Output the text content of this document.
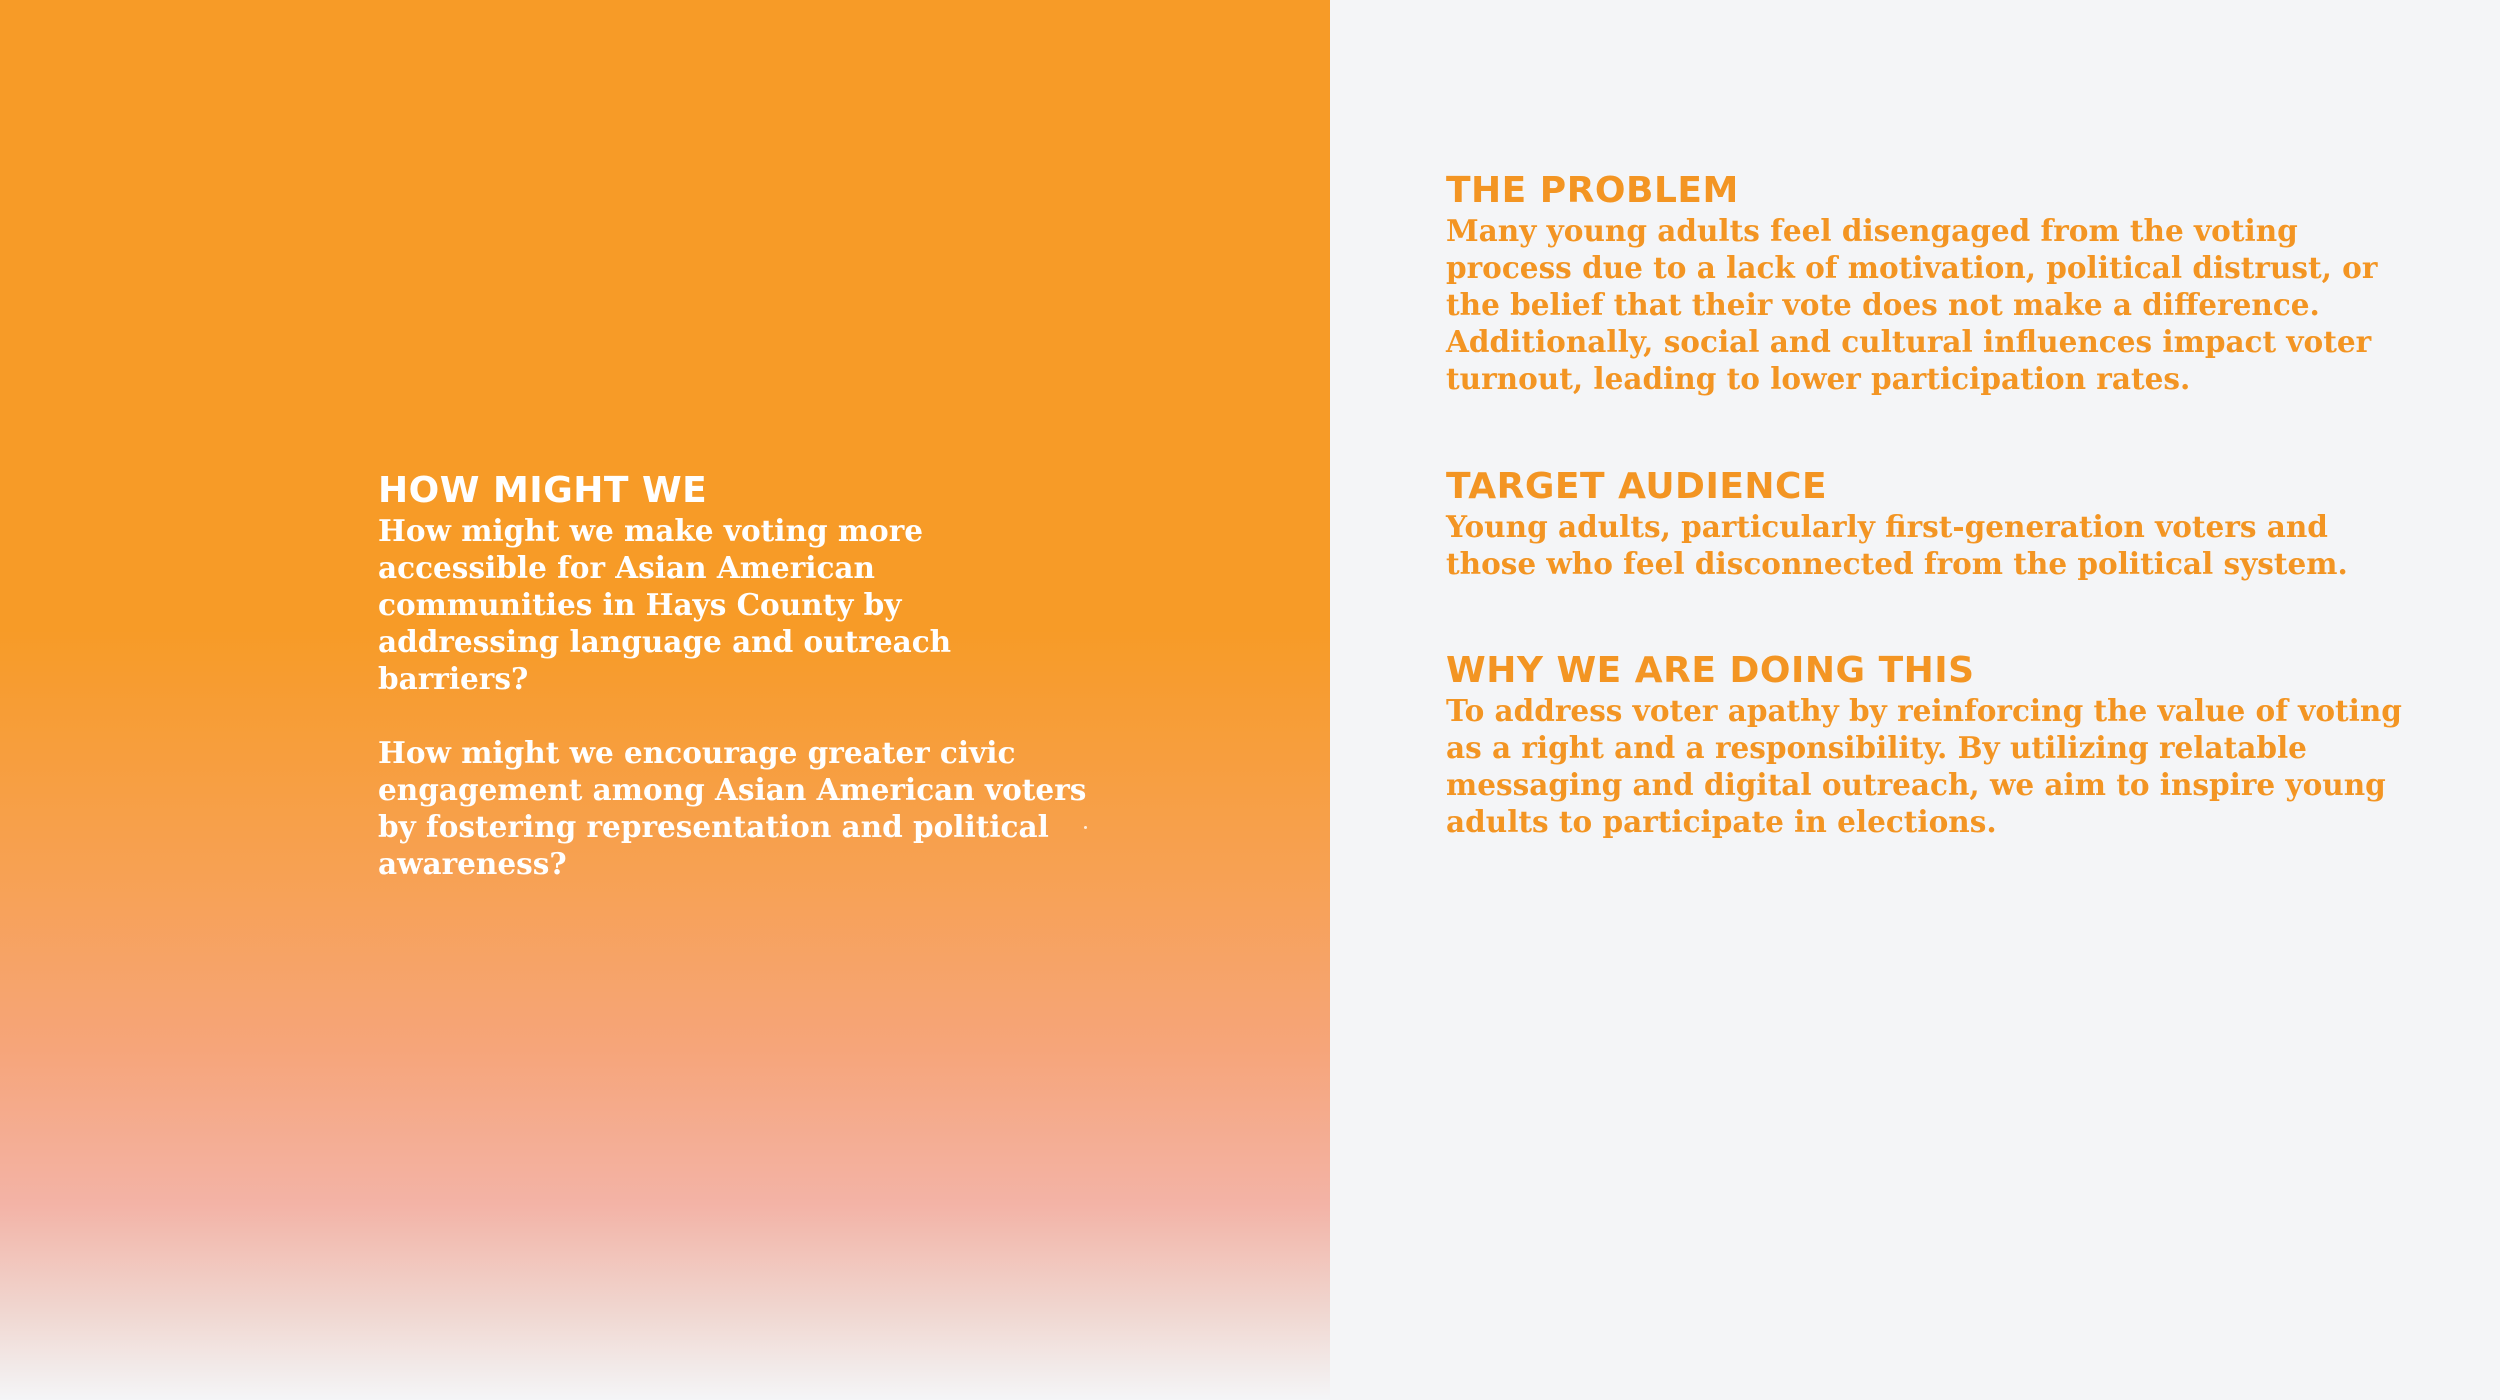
HOW MIGHT WE

How might we make voting more accessible for Asian American communities in Hays County by addressing language and outreach barriers?

How might we encourage greater civic engagement among Asian American voters by fostering representation and political awareness?

THE PROBLEM

Many young adults feel disengaged from the voting process due to a lack of motivation, political distrust, or the belief that their vote does not make a difference. Additionally, social and cultural influences impact voter turnout, leading to lower participation rates.

TARGET AUDIENCE

Young adults, particularly first-generation voters and those who feel disconnected from the political system.

WHY WE ARE DOING THIS

To address voter apathy by reinforcing the value of voting as a right and a responsibility. By utilizing relatable messaging and digital outreach, we aim to inspire young adults to participate in elections.
